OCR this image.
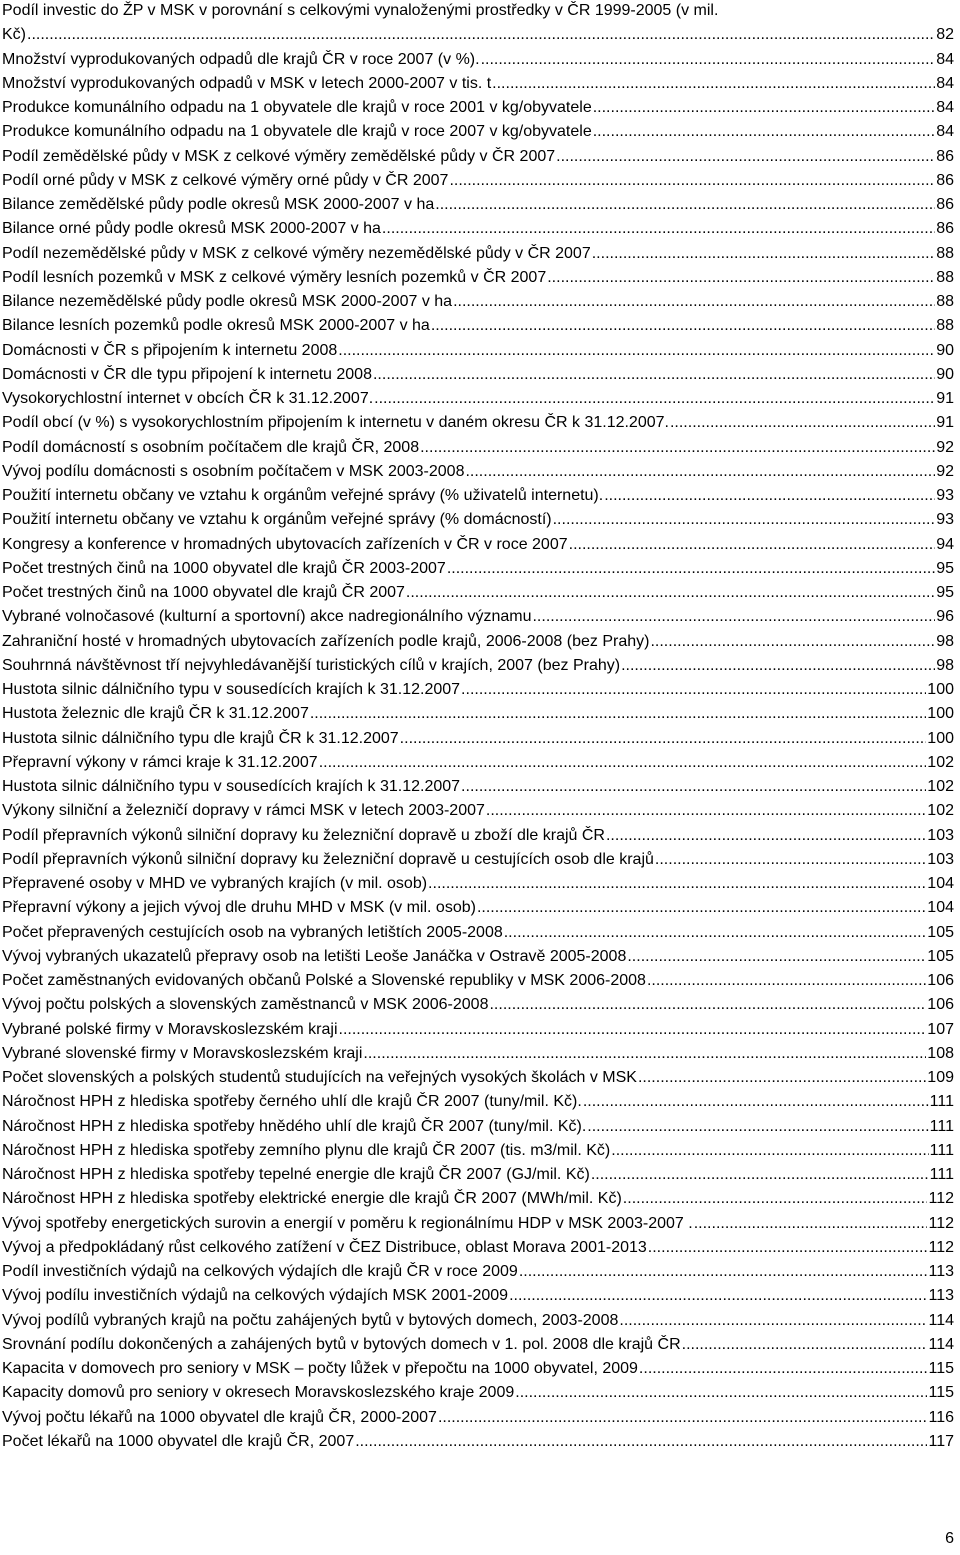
Podíl investic do ŽP v MSK v porovnání s celkovými vynaloženými prostředky v ČR 1999-2005 (v mil.
Kč) .....	82
Množství vyprodukovaných odpadů dle krajů ČR v roce 2007 (v %). .....	84
Množství vyprodukovaných odpadů v MSK v letech 2000-2007 v tis. t .....	84
Produkce komunálního odpadu na 1 obyvatele dle krajů v roce 2001 v kg/obyvatele .....	84
Produkce komunálního odpadu na 1 obyvatele dle krajů v roce 2007 v kg/obyvatele .....	84
Podíl zemědělské půdy v MSK z celkové výměry zemědělské půdy v ČR 2007 .....	86
Podíl orné půdy v MSK z celkové výměry orné půdy v ČR 2007 .....	86
Bilance zemědělské půdy podle okresů MSK 2000-2007 v ha .....	86
Bilance orné půdy podle okresů MSK 2000-2007 v ha .....	86
Podíl nezemědělské půdy v MSK z celkové výměry nezemědělské půdy v ČR 2007 .....	88
Podíl lesních pozemků v MSK z celkové výměry lesních pozemků v ČR 2007 .....	88
Bilance nezemědělské půdy podle okresů MSK 2000-2007 v ha .....	88
Bilance lesních pozemků podle okresů MSK 2000-2007 v ha .....	88
Domácnosti v ČR s připojením k internetu 2008 .....	90
Domácnosti v ČR dle typu připojení k internetu 2008 .....	90
Vysokorychlostní internet v obcích ČR k 31.12.2007. .....	91
Podíl obcí (v %) s vysokorychlostním připojením k internetu v daném okresu ČR k 31.12.2007. .....	91
Podíl domácností s osobním počítačem dle krajů ČR, 2008 .....	92
Vývoj podílu domácnosti s osobním počítačem v MSK 2003-2008 .....	92
Použití internetu občany ve vztahu k orgánům veřejné správy (% uživatelů internetu). .....	93
Použití internetu občany ve vztahu k orgánům veřejné správy (% domácností) .....	93
Kongresy a konference v hromadných ubytovacích zařízeních v ČR v roce 2007 .....	94
Počet trestných činů na 1000 obyvatel dle krajů ČR 2003-2007 .....	95
Počet trestných činů na 1000 obyvatel dle krajů ČR 2007 .....	95
Vybrané volnočasové (kulturní a sportovní) akce nadregionálního významu .....	96
Zahraniční hosté v hromadných ubytovacích zařízeních podle krajů, 2006-2008 (bez Prahy) .....	98
Souhrnná návštěvnost tří nejvyhledávanější turistických cílů v krajích, 2007 (bez Prahy) .....	98
Hustota silnic dálničního typu v sousedících krajích k 31.12.2007 .....	100
Hustota železnic dle krajů ČR k 31.12.2007 .....	100
Hustota silnic dálničního typu dle krajů ČR k 31.12.2007 .....	100
Přepravní výkony v rámci kraje k 31.12.2007 .....	102
Hustota silnic dálničního typu v sousedících krajích k 31.12.2007 .....	102
Výkony silniční a železničí dopravy v rámci MSK v letech 2003-2007 .....	102
Podíl přepravních výkonů silniční dopravy ku železniční dopravě u zboží dle krajů ČR .....	103
Podíl přepravních výkonů silniční dopravy ku železniční dopravě u cestujících osob dle krajů .....	103
Přepravené osoby v MHD ve vybraných krajích (v mil. osob) .....	104
Přepravní výkony a jejich vývoj dle druhu MHD v MSK (v mil. osob) .....	104
Počet přepravených cestujících osob na vybraných letištích 2005-2008 .....	105
Vývoj vybraných ukazatelů přepravy osob na letišti Leoše Janáčka v Ostravě 2005-2008 .....	105
Počet zaměstnaných evidovaných občanů Polské a Slovenské republiky v MSK 2006-2008 .....	106
Vývoj počtu polských a slovenských zaměstnanců v MSK 2006-2008 .....	106
Vybrané polské firmy v Moravskoslezském kraji .....	107
Vybrané slovenské firmy v Moravskoslezském kraji .....	108
Počet slovenských a polských studentů studujících na veřejných vysokých školách v MSK .....	109
Náročnost HPH z hlediska spotřeby černého uhlí dle krajů ČR 2007 (tuny/mil. Kč). .....	111
Náročnost HPH z hlediska spotřeby hnědého uhlí dle krajů ČR 2007 (tuny/mil. Kč). .....	111
Náročnost HPH z hlediska spotřeby zemního plynu dle krajů ČR 2007 (tis. m3/mil. Kč) .....	111
Náročnost HPH z hlediska spotřeby tepelné energie dle krajů ČR 2007 (GJ/mil. Kč) .....	111
Náročnost HPH z hlediska spotřeby elektrické energie dle krajů ČR 2007 (MWh/mil. Kč) .....	112
Vývoj spotřeby energetických surovin a energií v poměru k regionálnímu HDP v MSK 2003-2007 . .....	112
Vývoj a předpokládaný růst celkového zatížení v ČEZ Distribuce, oblast Morava 2001-2013 .....	112
Podíl investičních výdajů na celkových výdajích dle krajů ČR v roce 2009 .....	113
Vývoj podílu investičních výdajů na celkových výdajích MSK 2001-2009 .....	113
Vývoj podílů vybraných krajů na počtu zahájených bytů v bytových domech, 2003-2008 .....	114
Srovnání podílu dokončených a zahájených bytů v bytových domech v 1. pol. 2008 dle krajů ČR .....	114
Kapacita v domovech pro seniory v MSK – počty lůžek v přepočtu na 1000 obyvatel, 2009 .....	115
Kapacity domovů pro seniory v okresech Moravskoslezského kraje 2009 .....	115
Vývoj počtu lékařů na 1000 obyvatel dle krajů ČR, 2000-2007 .....	116
Počet lékařů na 1000 obyvatel dle krajů ČR, 2007 .....	117
6
